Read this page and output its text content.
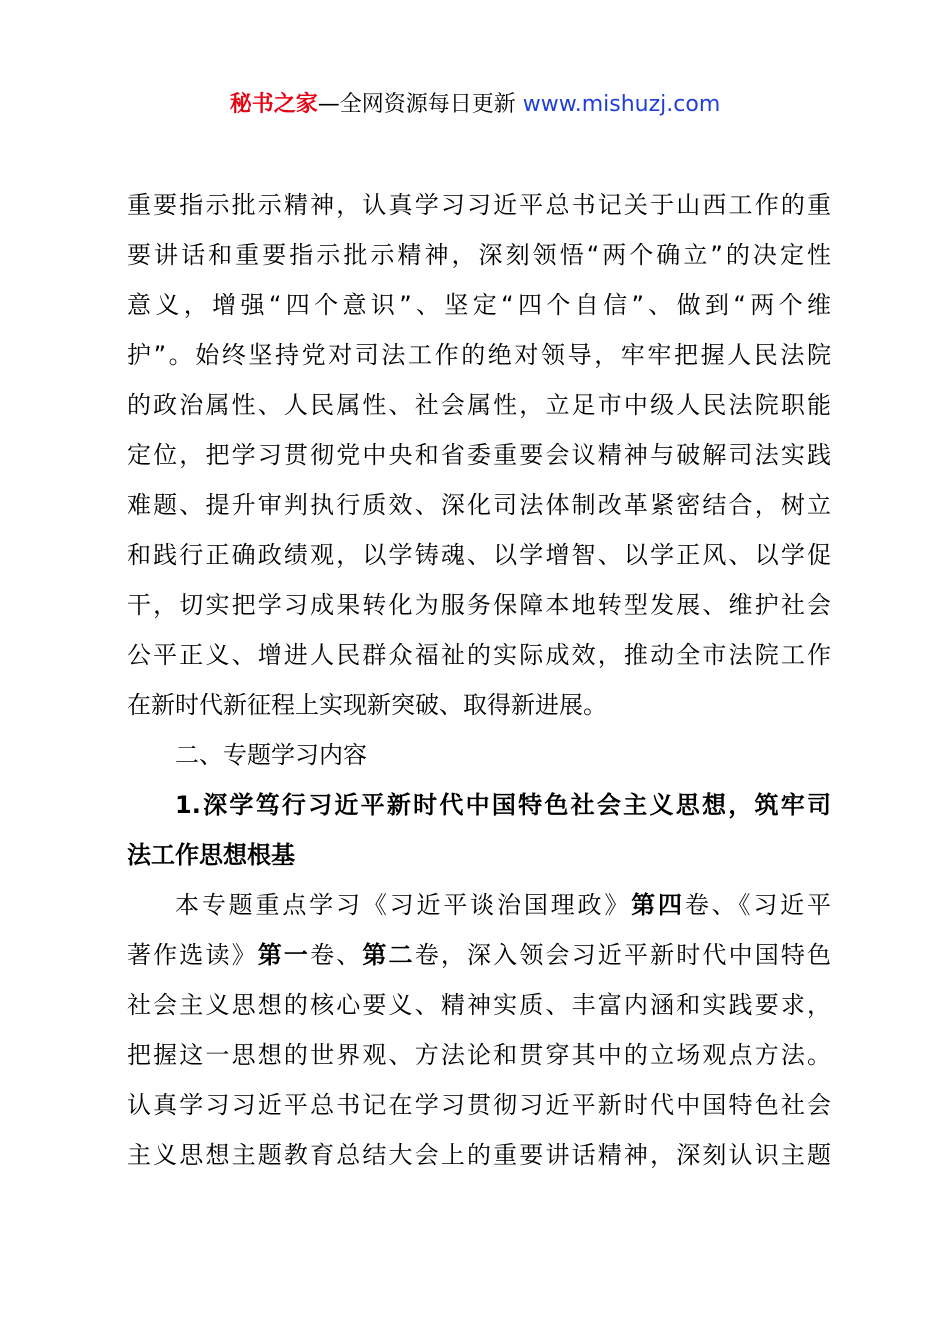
秘书之家—全网资源每日更新 www.mishuzj.com
重要指示批示精神，认真学习习近平总书记关于山西工作的重
要讲话和重要指示批示精神，深刻领悟“两个确立”的决定性
意义，增强“四个意识”、坚定“四个自信”、做到“两个维
护”。始终坚持党对司法工作的绝对领导，牢牢把握人民法院
的政治属性、人民属性、社会属性，立足市中级人民法院职能
定位，把学习贯彻党中央和省委重要会议精神与破解司法实践
难题、提升审判执行质效、深化司法体制改革紧密结合，树立
和践行正确政绩观，以学铸魂、以学增智、以学正风、以学促
干，切实把学习成果转化为服务保障本地转型发展、维护社会
公平正义、增进人民群众福祉的实际成效，推动全市法院工作
在新时代新征程上实现新突破、取得新进展。
二、专题学习内容
1.深学笃行习近平新时代中国特色社会主义思想，筑牢司
法工作思想根基
本专题重点学习《习近平谈治国理政》第四卷、《习近平
著作选读》第一卷、第二卷，深入领会习近平新时代中国特色
社会主义思想的核心要义、精神实质、丰富内涵和实践要求，
把握这一思想的世界观、方法论和贯穿其中的立场观点方法。
认真学习习近平总书记在学习贯彻习近平新时代中国特色社会
主义思想主题教育总结大会上的重要讲话精神，深刻认识主题
